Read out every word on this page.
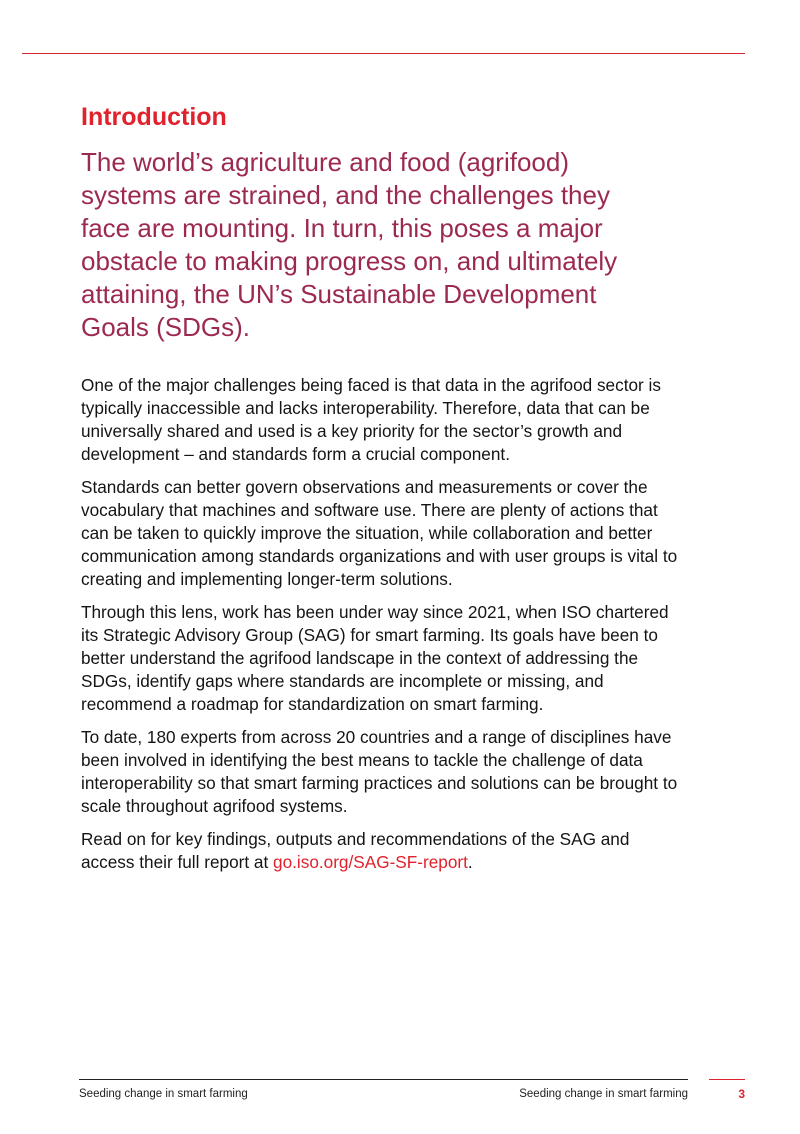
Introduction

The world’s agriculture and food (agrifood) systems are strained, and the challenges they face are mounting. In turn, this poses a major obstacle to making progress on, and ultimately attaining, the UN’s Sustainable Development Goals (SDGs).

One of the major challenges being faced is that data in the agrifood sector is typically inaccessible and lacks interoperability. Therefore, data that can be universally shared and used is a key priority for the sector’s growth and development – and standards form a crucial component.

Standards can better govern observations and measurements or cover the vocabulary that machines and software use. There are plenty of actions that can be taken to quickly improve the situation, while collaboration and better communication among standards organizations and with user groups is vital to creating and implementing longer-term solutions.

Through this lens, work has been under way since 2021, when ISO chartered its Strategic Advisory Group (SAG) for smart farming. Its goals have been to better understand the agrifood landscape in the context of addressing the SDGs, identify gaps where standards are incomplete or missing, and recommend a roadmap for standardization on smart farming.

To date, 180 experts from across 20 countries and a range of disciplines have been involved in identifying the best means to tackle the challenge of data interoperability so that smart farming practices and solutions can be brought to scale throughout agrifood systems.

Read on for key findings, outputs and recommendations of the SAG and access their full report at go.iso.org/SAG-SF-report.

Seeding change in smart farming	Seeding change in smart farming	3
